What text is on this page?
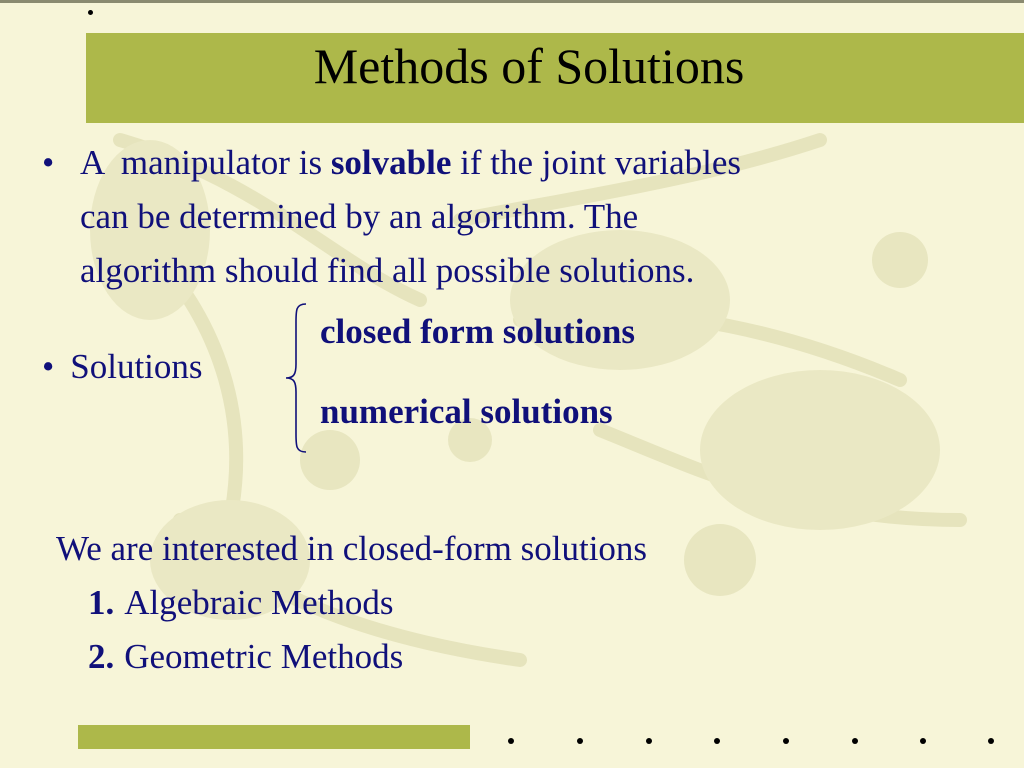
Methods of Solutions
• A  manipulator is solvable if the joint variables
can be determined by an algorithm. The
algorithm should find all possible solutions.
• Solutions
closed form solutions
numerical solutions
We are interested in closed-form solutions
1. Algebraic Methods
2. Geometric Methods
